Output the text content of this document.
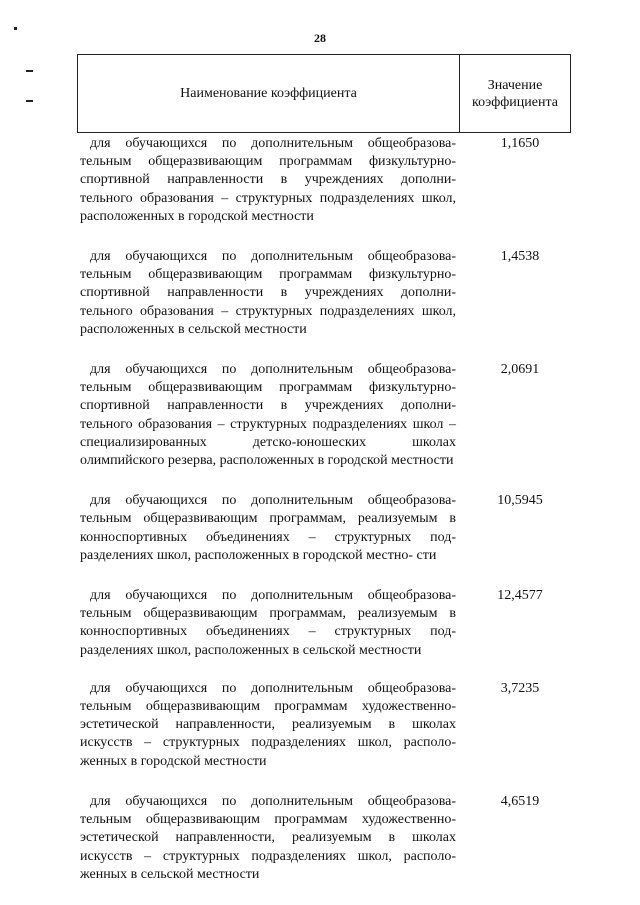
28
Наименование коэффициента
Значение
коэффициента
для обучающихся по дополнительным общеобразова- тельным общеразвивающим программам физкультурно- спортивной направленности в учреждениях дополни- тельного образования – структурных подразделениях школ, расположенных в городской местности
1,1650
для обучающихся по дополнительным общеобразова- тельным общеразвивающим программам физкультурно- спортивной направленности в учреждениях дополни- тельного образования – структурных подразделениях школ, расположенных в сельской местности
1,4538
для обучающихся по дополнительным общеобразова- тельным общеразвивающим программам физкультурно- спортивной направленности в учреждениях дополни- тельного образования – структурных подразделениях школ – специализированных детско-юношеских школах олимпийского резерва, расположенных в городской местности
2,0691
для обучающихся по дополнительным общеобразова- тельным общеразвивающим программам, реализуемым в конноспортивных объединениях – структурных под- разделениях школ, расположенных в городской местно- сти
10,5945
для обучающихся по дополнительным общеобразова- тельным общеразвивающим программам, реализуемым в конноспортивных объединениях – структурных под- разделениях школ, расположенных в сельской местности
12,4577
для обучающихся по дополнительным общеобразова- тельным общеразвивающим программам художественно- эстетической направленности, реализуемым в школах искусств – структурных подразделениях школ, располо- женных в городской местности
3,7235
для обучающихся по дополнительным общеобразова- тельным общеразвивающим программам художественно- эстетической направленности, реализуемым в школах искусств – структурных подразделениях школ, располо- женных в сельской местности
4,6519
